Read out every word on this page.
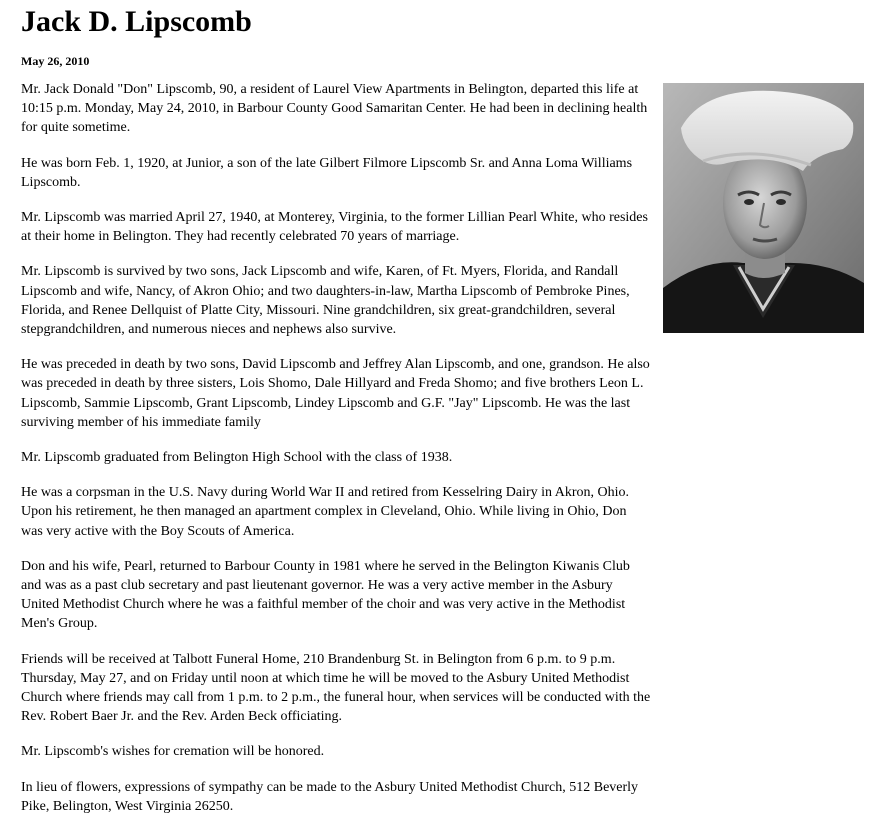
Jack D. Lipscomb
May 26, 2010

Mr. Jack Donald "Don" Lipscomb, 90, a resident of Laurel View Apartments in Belington, departed this life at 10:15 p.m. Monday, May 24, 2010, in Barbour County Good Samaritan Center. He had been in declining health for quite sometime.

He was born Feb. 1, 1920, at Junior, a son of the late Gilbert Filmore Lipscomb Sr. and Anna Loma Williams Lipscomb.

Mr. Lipscomb was married April 27, 1940, at Monterey, Virginia, to the former Lillian Pearl White, who resides at their home in Belington. They had recently celebrated 70 years of marriage.

Mr. Lipscomb is survived by two sons, Jack Lipscomb and wife, Karen, of Ft. Myers, Florida, and Randall Lipscomb and wife, Nancy, of Akron Ohio; and two daughters-in-law, Martha Lipscomb of Pembroke Pines, Florida, and Renee Dellquist of Platte City, Missouri. Nine grandchildren, six great-grandchildren, several stepgrandchildren, and numerous nieces and nephews also survive.

He was preceded in death by two sons, David Lipscomb and Jeffrey Alan Lipscomb, and one, grandson. He also was preceded in death by three sisters, Lois Shomo, Dale Hillyard and Freda Shomo; and five brothers Leon L. Lipscomb, Sammie Lipscomb, Grant Lipscomb, Lindey Lipscomb and G.F. "Jay" Lipscomb. He was the last surviving member of his immediate family

Mr. Lipscomb graduated from Belington High School with the class of 1938.

He was a corpsman in the U.S. Navy during World War II and retired from Kesselring Dairy in Akron, Ohio. Upon his retirement, he then managed an apartment complex in Cleveland, Ohio. While living in Ohio, Don was very active with the Boy Scouts of America.

Don and his wife, Pearl, returned to Barbour County in 1981 where he served in the Belington Kiwanis Club and was as a past club secretary and past lieutenant governor. He was a very active member in the Asbury United Methodist Church where he was a faithful member of the choir and was very active in the Methodist Men's Group.

Friends will be received at Talbott Funeral Home, 210 Brandenburg St. in Belington from 6 p.m. to 9 p.m. Thursday, May 27, and on Friday until noon at which time he will be moved to the Asbury United Methodist Church where friends may call from 1 p.m. to 2 p.m., the funeral hour, when services will be conducted with the Rev. Robert Baer Jr. and the Rev. Arden Beck officiating.

Mr. Lipscomb's wishes for cremation will be honored.

In lieu of flowers, expressions of sympathy can be made to the Asbury United Methodist Church, 512 Beverly Pike, Belington, West Virginia 26250.
